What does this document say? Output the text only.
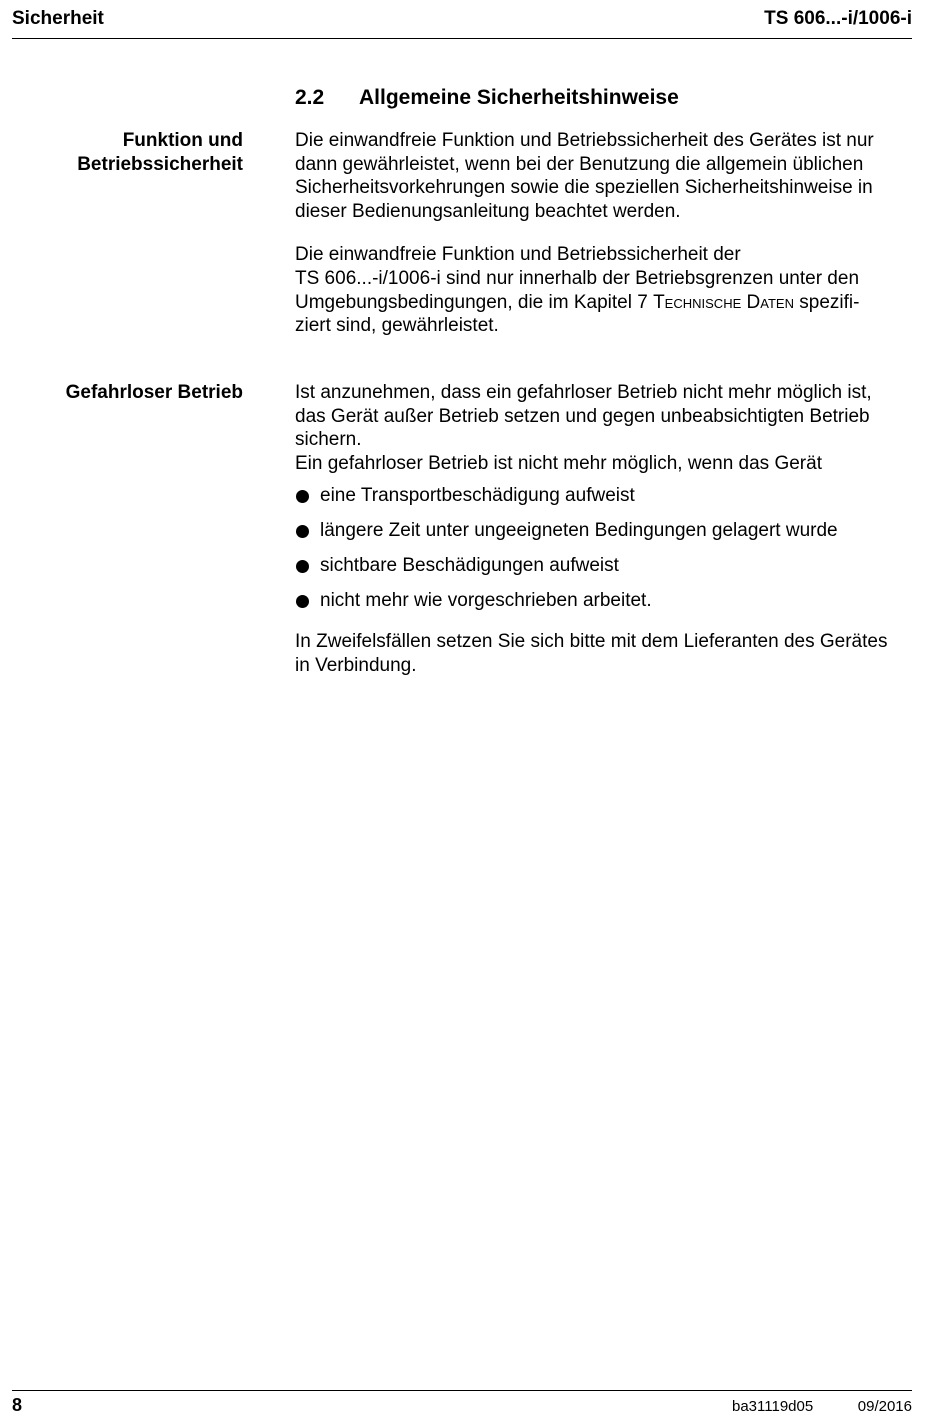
Sicherheit	TS 606...-i/1006-i
2.2 Allgemeine Sicherheitshinweise
Funktion und
Betriebssicherheit

Die einwandfreie Funktion und Betriebssicherheit des Gerätes ist nur dann gewährleistet, wenn bei der Benutzung die allgemein üblichen Sicherheitsvorkehrungen sowie die speziellen Sicherheitshinweise in dieser Bedienungsanleitung beachtet werden.

Die einwandfreie Funktion und Betriebssicherheit der
TS 606...-i/1006-i sind nur innerhalb der Betriebsgrenzen unter den
Umgebungsbedingungen, die im Kapitel 7 Technische Daten spezifi-
ziert sind, gewährleistet.

Gefahrloser Betrieb	Ist anzunehmen, dass ein gefahrloser Betrieb nicht mehr möglich ist,
das Gerät außer Betrieb setzen und gegen unbeabsichtigten Betrieb
sichern.
Ein gefahrloser Betrieb ist nicht mehr möglich, wenn das Gerät

eine Transportbeschädigung aufweist
längere Zeit unter ungeeigneten Bedingungen gelagert wurde
sichtbare Beschädigungen aufweist
nicht mehr wie vorgeschrieben arbeitet.

In Zweifelsfällen setzen Sie sich bitte mit dem Lieferanten des Gerätes
in Verbindung.

8	ba31119d05	09/2016
